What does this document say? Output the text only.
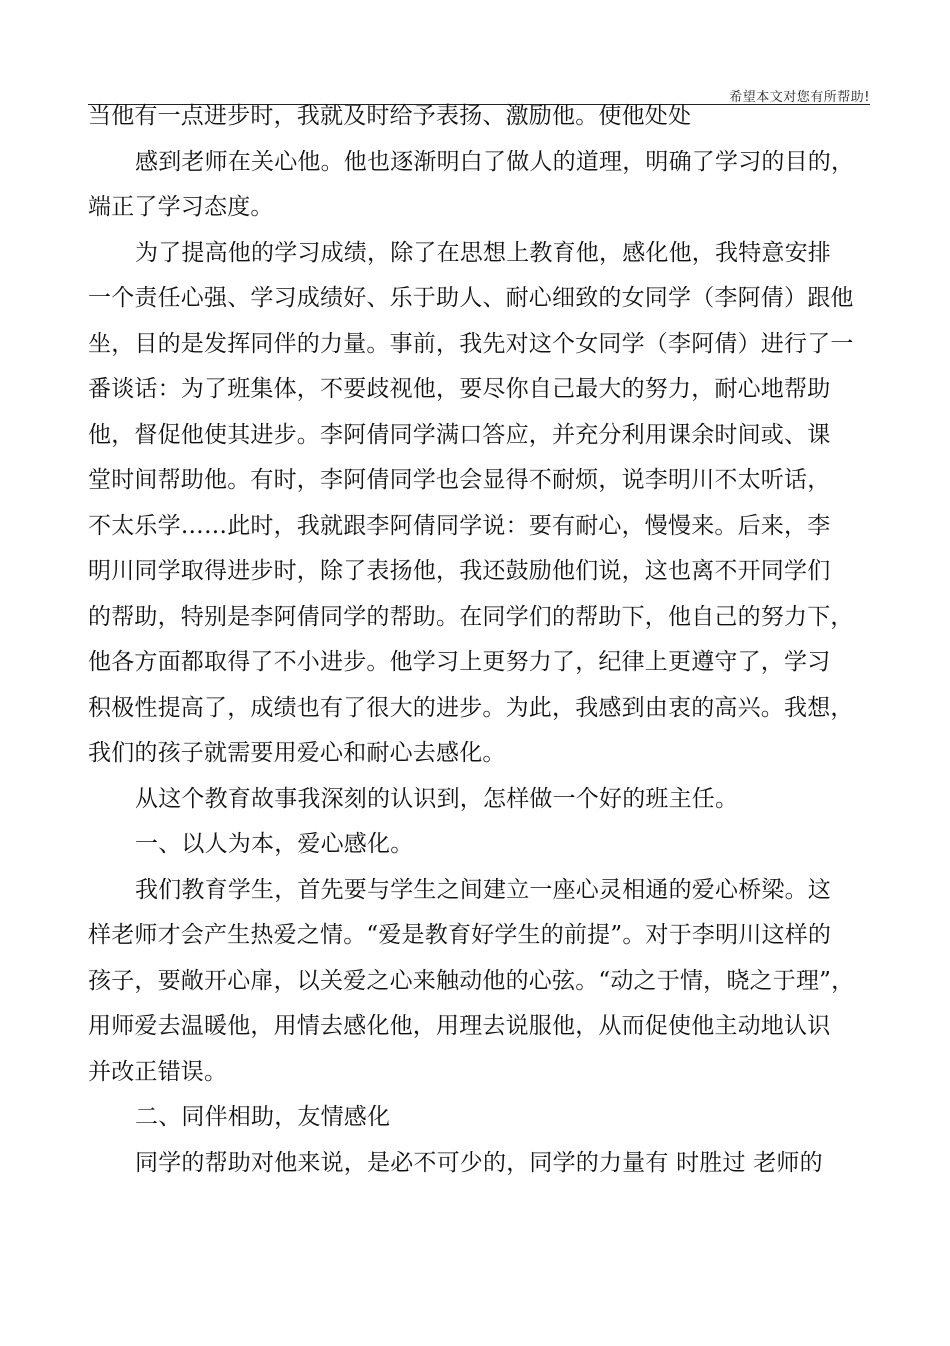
希望本文对您有所帮助!
当他有一点进步时，我就及时给予表扬、激励他。使他处处
感到老师在关心他。他也逐渐明白了做人的道理，明确了学习的目的，
端正了学习态度。
为了提高他的学习成绩，除了在思想上教育他，感化他，我特意安排
一个责任心强、学习成绩好、乐于助人、耐心细致的女同学（李阿倩）跟他
坐，目的是发挥同伴的力量。事前，我先对这个女同学（李阿倩）进行了一
番谈话：为了班集体，不要歧视他，要尽你自己最大的努力，耐心地帮助
他，督促他使其进步。李阿倩同学满口答应，并充分利用课余时间或、课
堂时间帮助他。有时，李阿倩同学也会显得不耐烦，说李明川不太听话，
不太乐学……此时，我就跟李阿倩同学说：要有耐心，慢慢来。后来，李
明川同学取得进步时，除了表扬他，我还鼓励他们说，这也离不开同学们
的帮助，特别是李阿倩同学的帮助。在同学们的帮助下，他自己的努力下，
他各方面都取得了不小进步。他学习上更努力了，纪律上更遵守了，学习
积极性提高了，成绩也有了很大的进步。为此，我感到由衷的高兴。我想，
我们的孩子就需要用爱心和耐心去感化。
从这个教育故事我深刻的认识到，怎样做一个好的班主任。
一、以人为本，爱心感化。
我们教育学生，首先要与学生之间建立一座心灵相通的爱心桥梁。这
样老师才会产生热爱之情。“爱是教育好学生的前提”。对于李明川这样的
孩子，要敞开心扉，以关爱之心来触动他的心弦。“动之于情，晓之于理”，
用师爱去温暖他，用情去感化他，用理去说服他，从而促使他主动地认识
并改正错误。
二、同伴相助，友情感化
同学的帮助对他来说，是必不可少的，同学的力量有 时胜过 老师的
